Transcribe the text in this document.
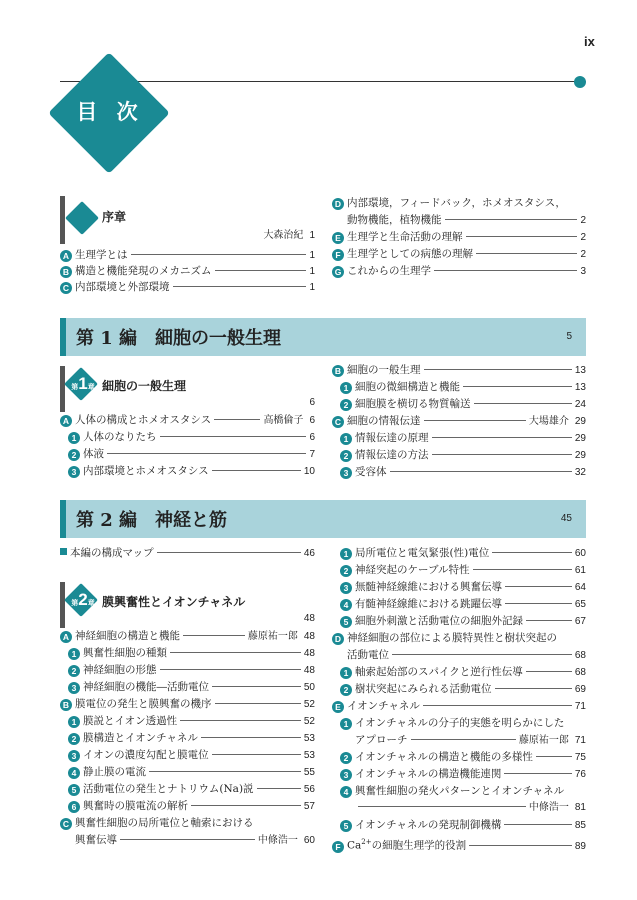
ix
目 次
序章
大森治紀 1
A 生理学とは	1
B 構造と機能発現のメカニズム	1
C 内部環境と外部環境	1
D 内部環境，フィードバック，ホメオスタシス，
動物機能，植物機能	2
E 生理学と生命活動の理解	2
F 生理学としての病態の理解	2
G これからの生理学	3
第 1 編　細胞の一般生理	5
第1章 細胞の一般生理
6
A 人体の構成とホメオスタシス	高橋倫子 6
1 人体のなりたち	6
2 体液	7
3 内部環境とホメオスタシス	10
B 細胞の一般生理	13
1 細胞の微細構造と機能	13
2 細胞膜を横切る物質輸送	24
C 細胞の情報伝達	大場雄介 29
1 情報伝達の原理	29
2 情報伝達の方法	29
3 受容体	32
第 2 編　神経と筋	45
本編の構成マップ	46
第2章 膜興奮性とイオンチャネル
48
A 神経細胞の構造と機能	藤原祐一郎 48
1 興奮性細胞の種類	48
2 神経細胞の形態	48
3 神経細胞の機能―活動電位	50
B 膜電位の発生と膜興奮の機序	52
1 膜説とイオン透過性	52
2 膜構造とイオンチャネル	53
3 イオンの濃度勾配と膜電位	53
4 静止膜の電流	55
5 活動電位の発生とナトリウム(Na)説	56
6 興奮時の膜電流の解析	57
C 興奮性細胞の局所電位と軸索における
興奮伝導	中條浩一 60
1 局所電位と電気緊張(性)電位	60
2 神経突起のケーブル特性	61
3 無髄神経線維における興奮伝導	64
4 有髄神経線維における跳躍伝導	65
5 細胞外刺激と活動電位の細胞外記録	67
D 神経細胞の部位による膜特異性と樹状突起の
活動電位	68
1 軸索起始部のスパイクと逆行性伝導	68
2 樹状突起にみられる活動電位	69
E イオンチャネル	71
1 イオンチャネルの分子的実態を明らかにした
アプローチ	藤原祐一郎 71
2 イオンチャネルの構造と機能の多様性	75
3 イオンチャネルの構造機能連関	76
4 興奮性細胞の発火パターンとイオンチャネル
中條浩一 81
5 イオンチャネルの発現制御機構	85
F $Ca^{2+}$の細胞生理学的役割	89
